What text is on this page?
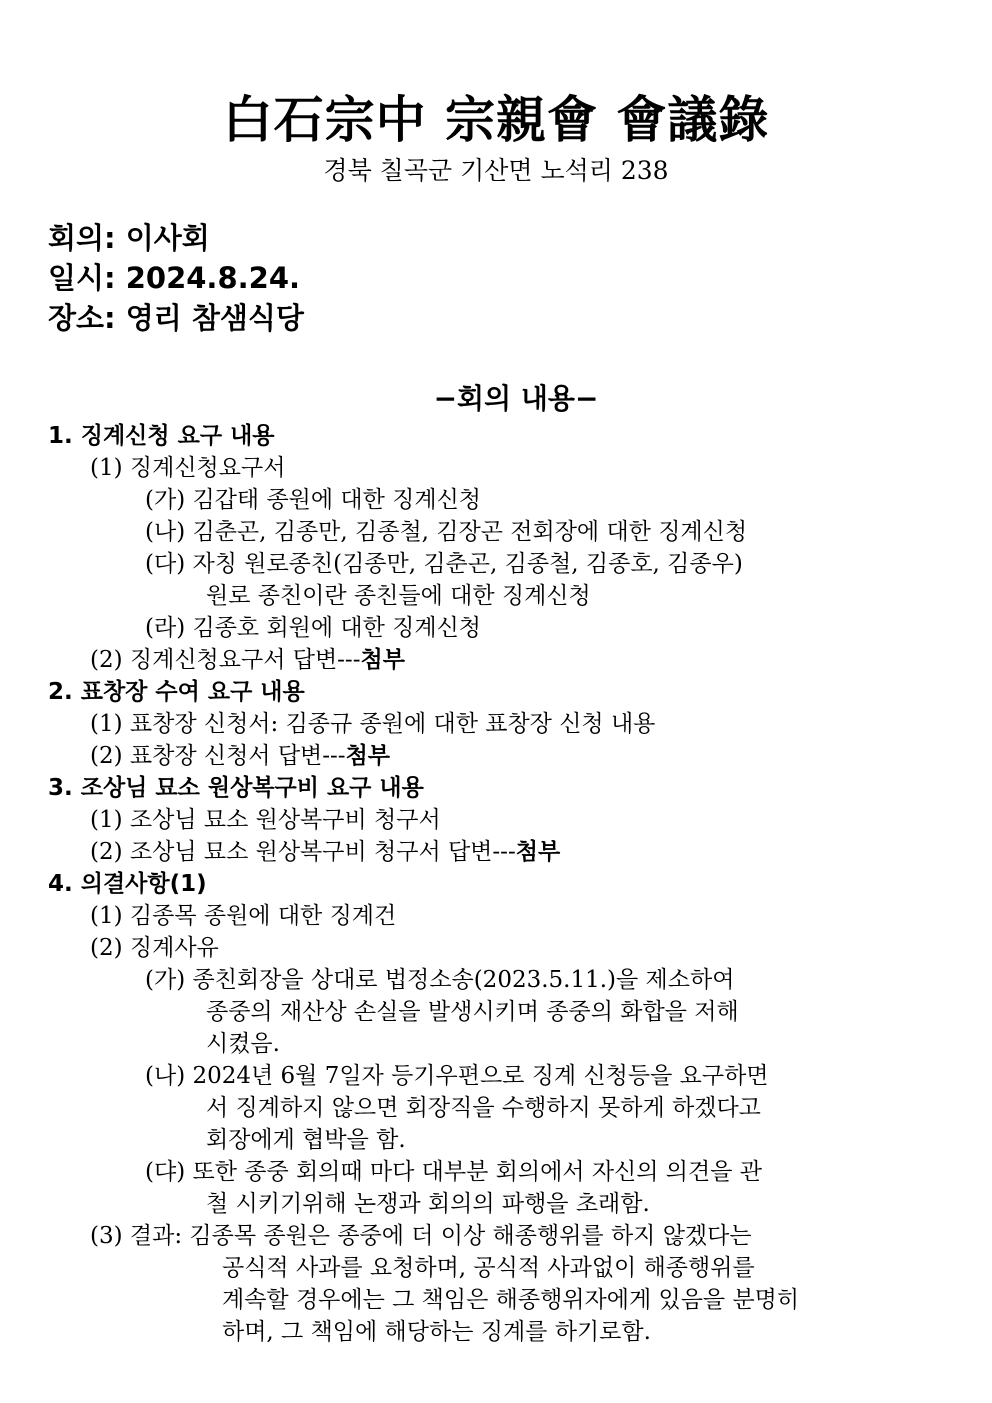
白石宗中 宗親會 會議錄
경북 칠곡군 기산면 노석리 238
회의: 이사회
일시: 2024.8.24.
장소: 영리 참샘식당
−회의 내용−
1. 징계신청 요구 내용
(1) 징계신청요구서
(가) 김갑태 종원에 대한 징계신청
(나) 김춘곤, 김종만, 김종철, 김장곤 전회장에 대한 징계신청
(다) 자칭 원로종친(김종만, 김춘곤, 김종철, 김종호, 김종우)
원로 종친이란 종친들에 대한 징계신청
(라) 김종호 회원에 대한 징계신청
(2) 징계신청요구서 답변---첨부
2. 표창장 수여 요구 내용
(1) 표창장 신청서: 김종규 종원에 대한 표창장 신청 내용
(2) 표창장 신청서 답변---첨부
3. 조상님 묘소 원상복구비 요구 내용
(1) 조상님 묘소 원상복구비 청구서
(2) 조상님 묘소 원상복구비 청구서 답변---첨부
4. 의결사항(1)
(1) 김종목 종원에 대한 징계건
(2) 징계사유
(가) 종친회장을 상대로 법정소송(2023.5.11.)을 제소하여
종중의 재산상 손실을 발생시키며 종중의 화합을 저해
시켰음.
(나) 2024년 6월 7일자 등기우편으로 징계 신청등을 요구하면
서 징계하지 않으면 회장직을 수행하지 못하게 하겠다고
회장에게 협박을 함.
(댜) 또한 종중 회의때 마다 대부분 회의에서 자신의 의견을 관
철 시키기위해 논쟁과 회의의 파행을 초래함.
(3) 결과: 김종목 종원은 종중에 더 이상 해종행위를 하지 않겠다는
공식적 사과를 요청하며, 공식적 사과없이 해종행위를
계속할 경우에는 그 책임은 해종행위자에게 있음을 분명히
하며, 그 책임에 해당하는 징계를 하기로함.
